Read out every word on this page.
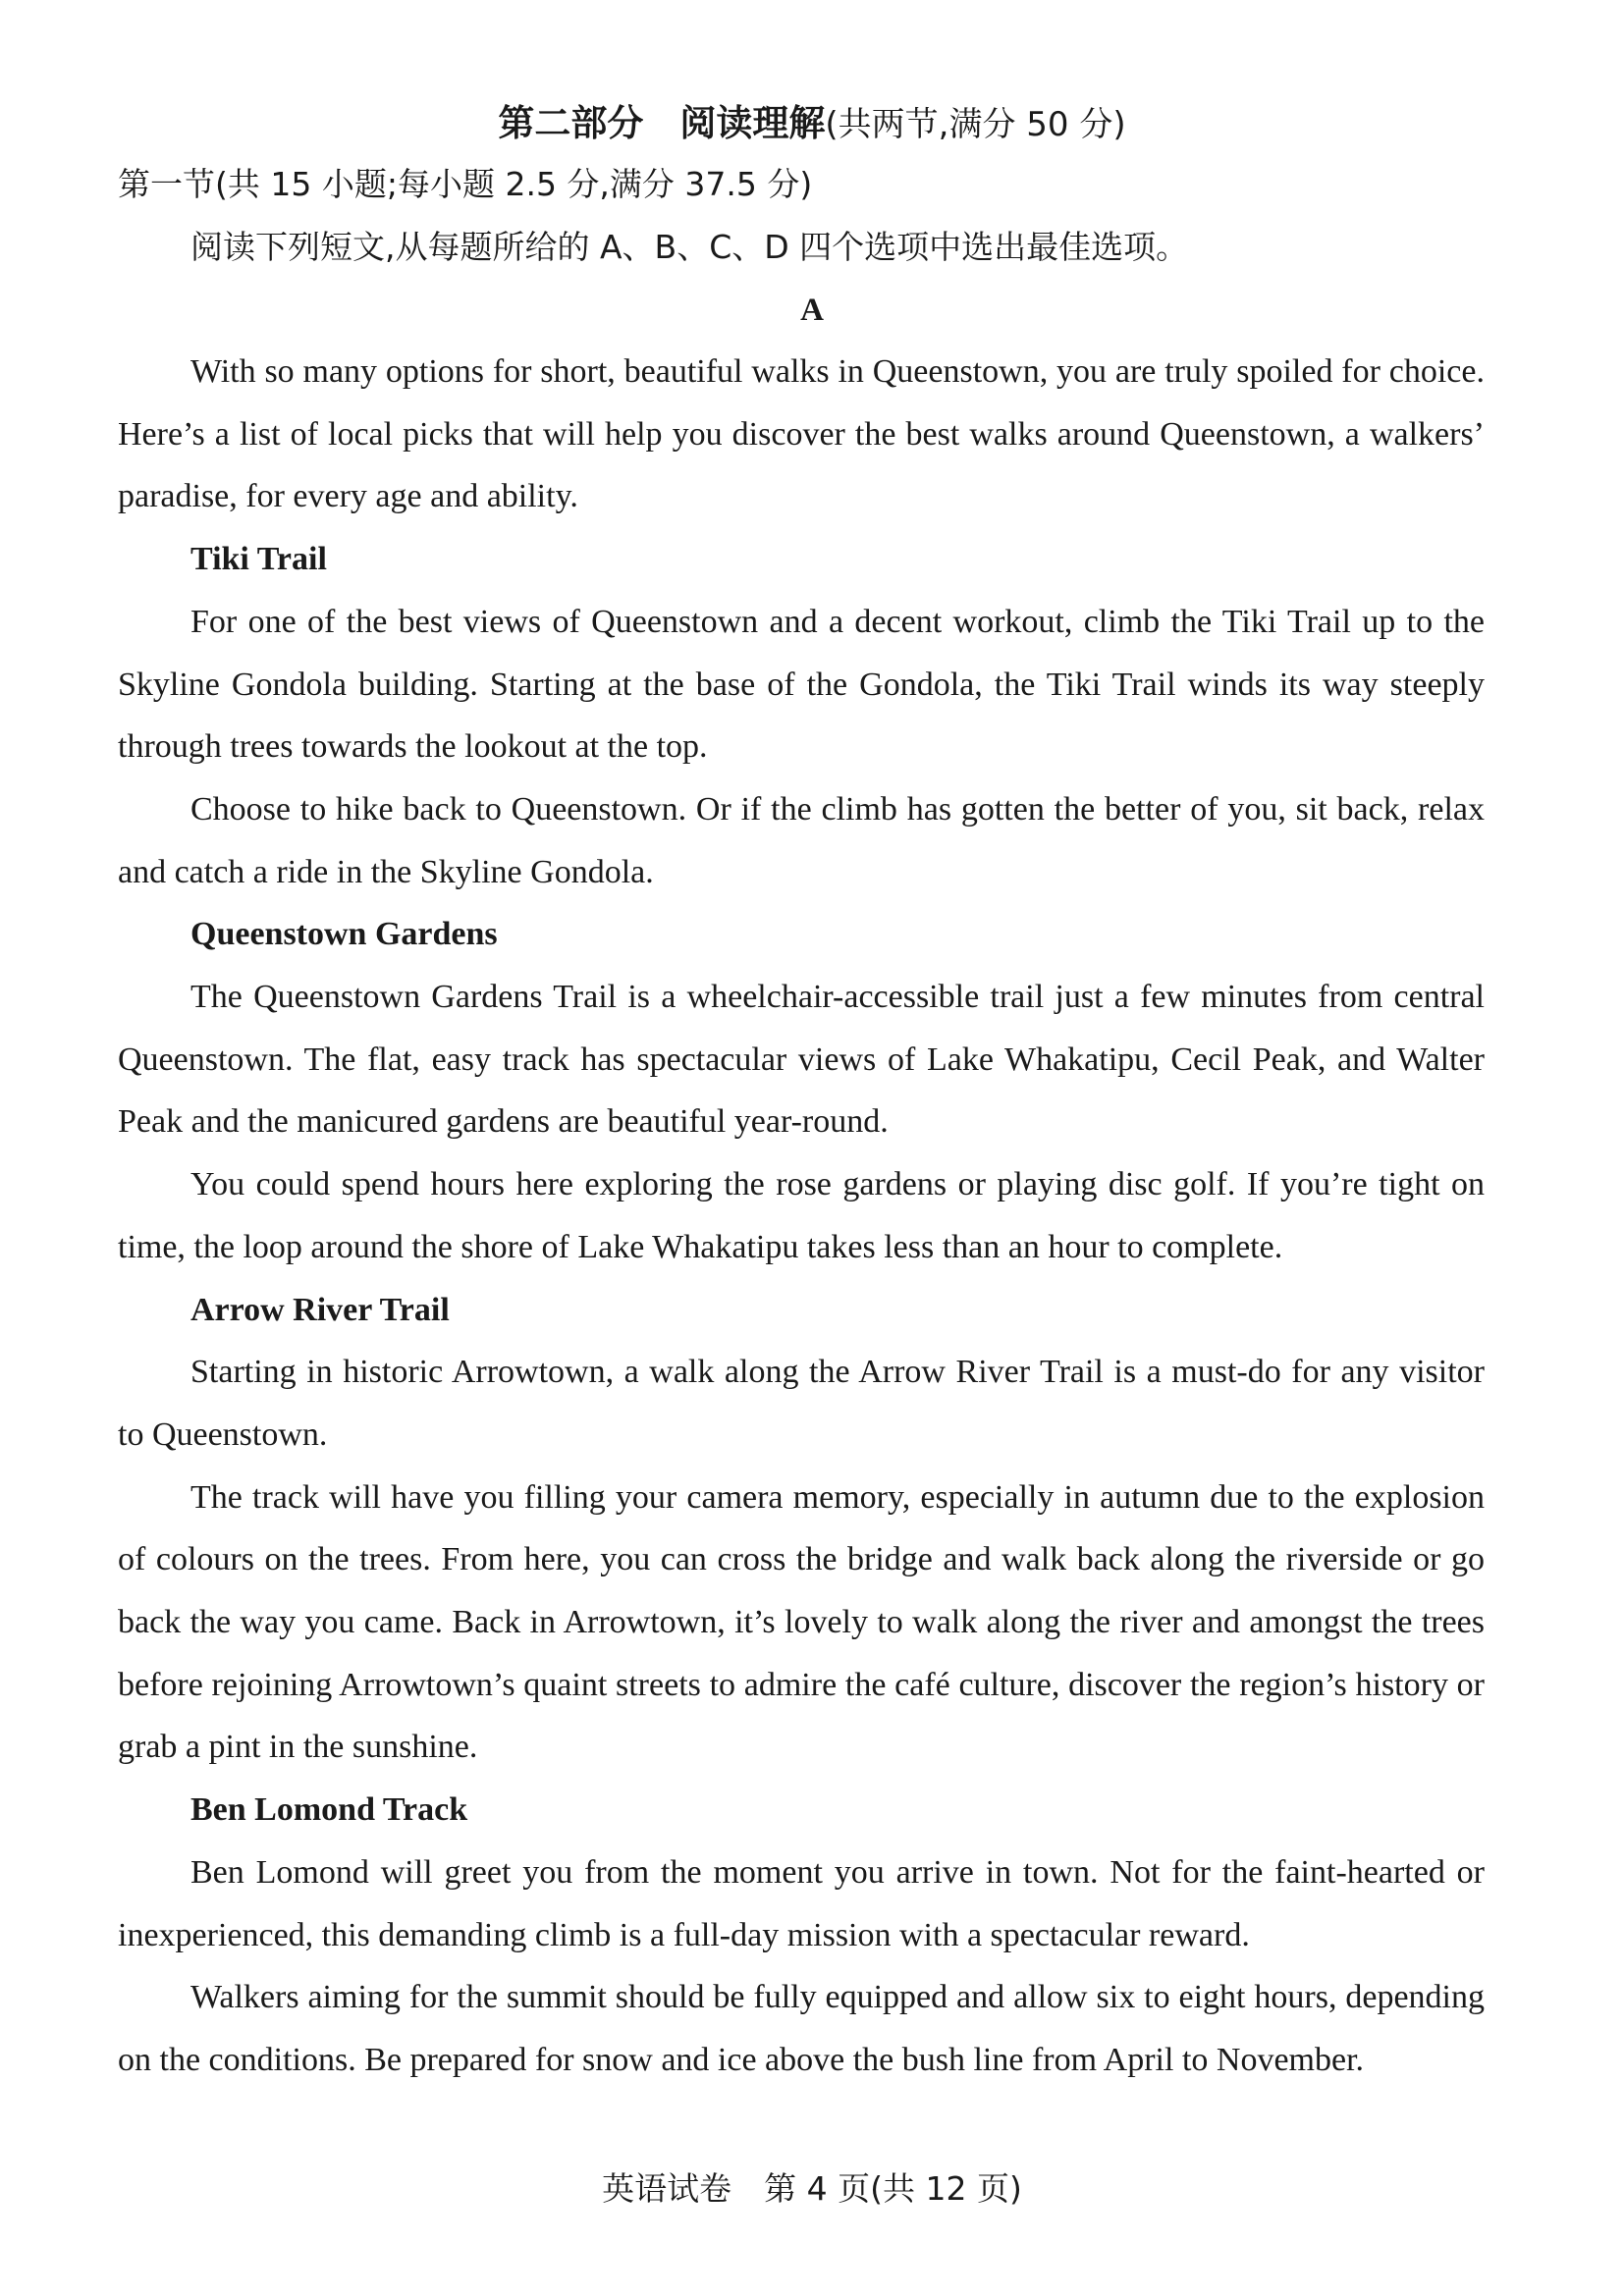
第二部分　阅读理解(共两节,满分 50 分)
第一节(共 15 小题;每小题 2.5 分,满分 37.5 分)
阅读下列短文,从每题所给的 A、B、C、D 四个选项中选出最佳选项。
A

With so many options for short, beautiful walks in Queenstown, you are truly spoiled for choice. Here’s a list of local picks that will help you discover the best walks around Queenstown, a walkers’ paradise, for every age and ability.

Tiki Trail

For one of the best views of Queenstown and a decent workout, climb the Tiki Trail up to the Skyline Gondola building. Starting at the base of the Gondola, the Tiki Trail winds its way steeply through trees towards the lookout at the top.

Choose to hike back to Queenstown. Or if the climb has gotten the better of you, sit back, relax and catch a ride in the Skyline Gondola.

Queenstown Gardens

The Queenstown Gardens Trail is a wheelchair-accessible trail just a few minutes from central Queenstown. The flat, easy track has spectacular views of Lake Whakatipu, Cecil Peak, and Walter Peak and the manicured gardens are beautiful year-round.

You could spend hours here exploring the rose gardens or playing disc golf. If you’re tight on time, the loop around the shore of Lake Whakatipu takes less than an hour to complete.

Arrow River Trail

Starting in historic Arrowtown, a walk along the Arrow River Trail is a must-do for any visitor to Queenstown.

The track will have you filling your camera memory, especially in autumn due to the explosion of colours on the trees. From here, you can cross the bridge and walk back along the riverside or go back the way you came. Back in Arrowtown, it’s lovely to walk along the river and amongst the trees before rejoining Arrowtown’s quaint streets to admire the café culture, discover the region’s history or grab a pint in the sunshine.

Ben Lomond Track

Ben Lomond will greet you from the moment you arrive in town. Not for the faint-hearted or inexperienced, this demanding climb is a full-day mission with a spectacular reward.

Walkers aiming for the summit should be fully equipped and allow six to eight hours, depending on the conditions. Be prepared for snow and ice above the bush line from April to November.

英语试卷　第 4 页(共 12 页)
